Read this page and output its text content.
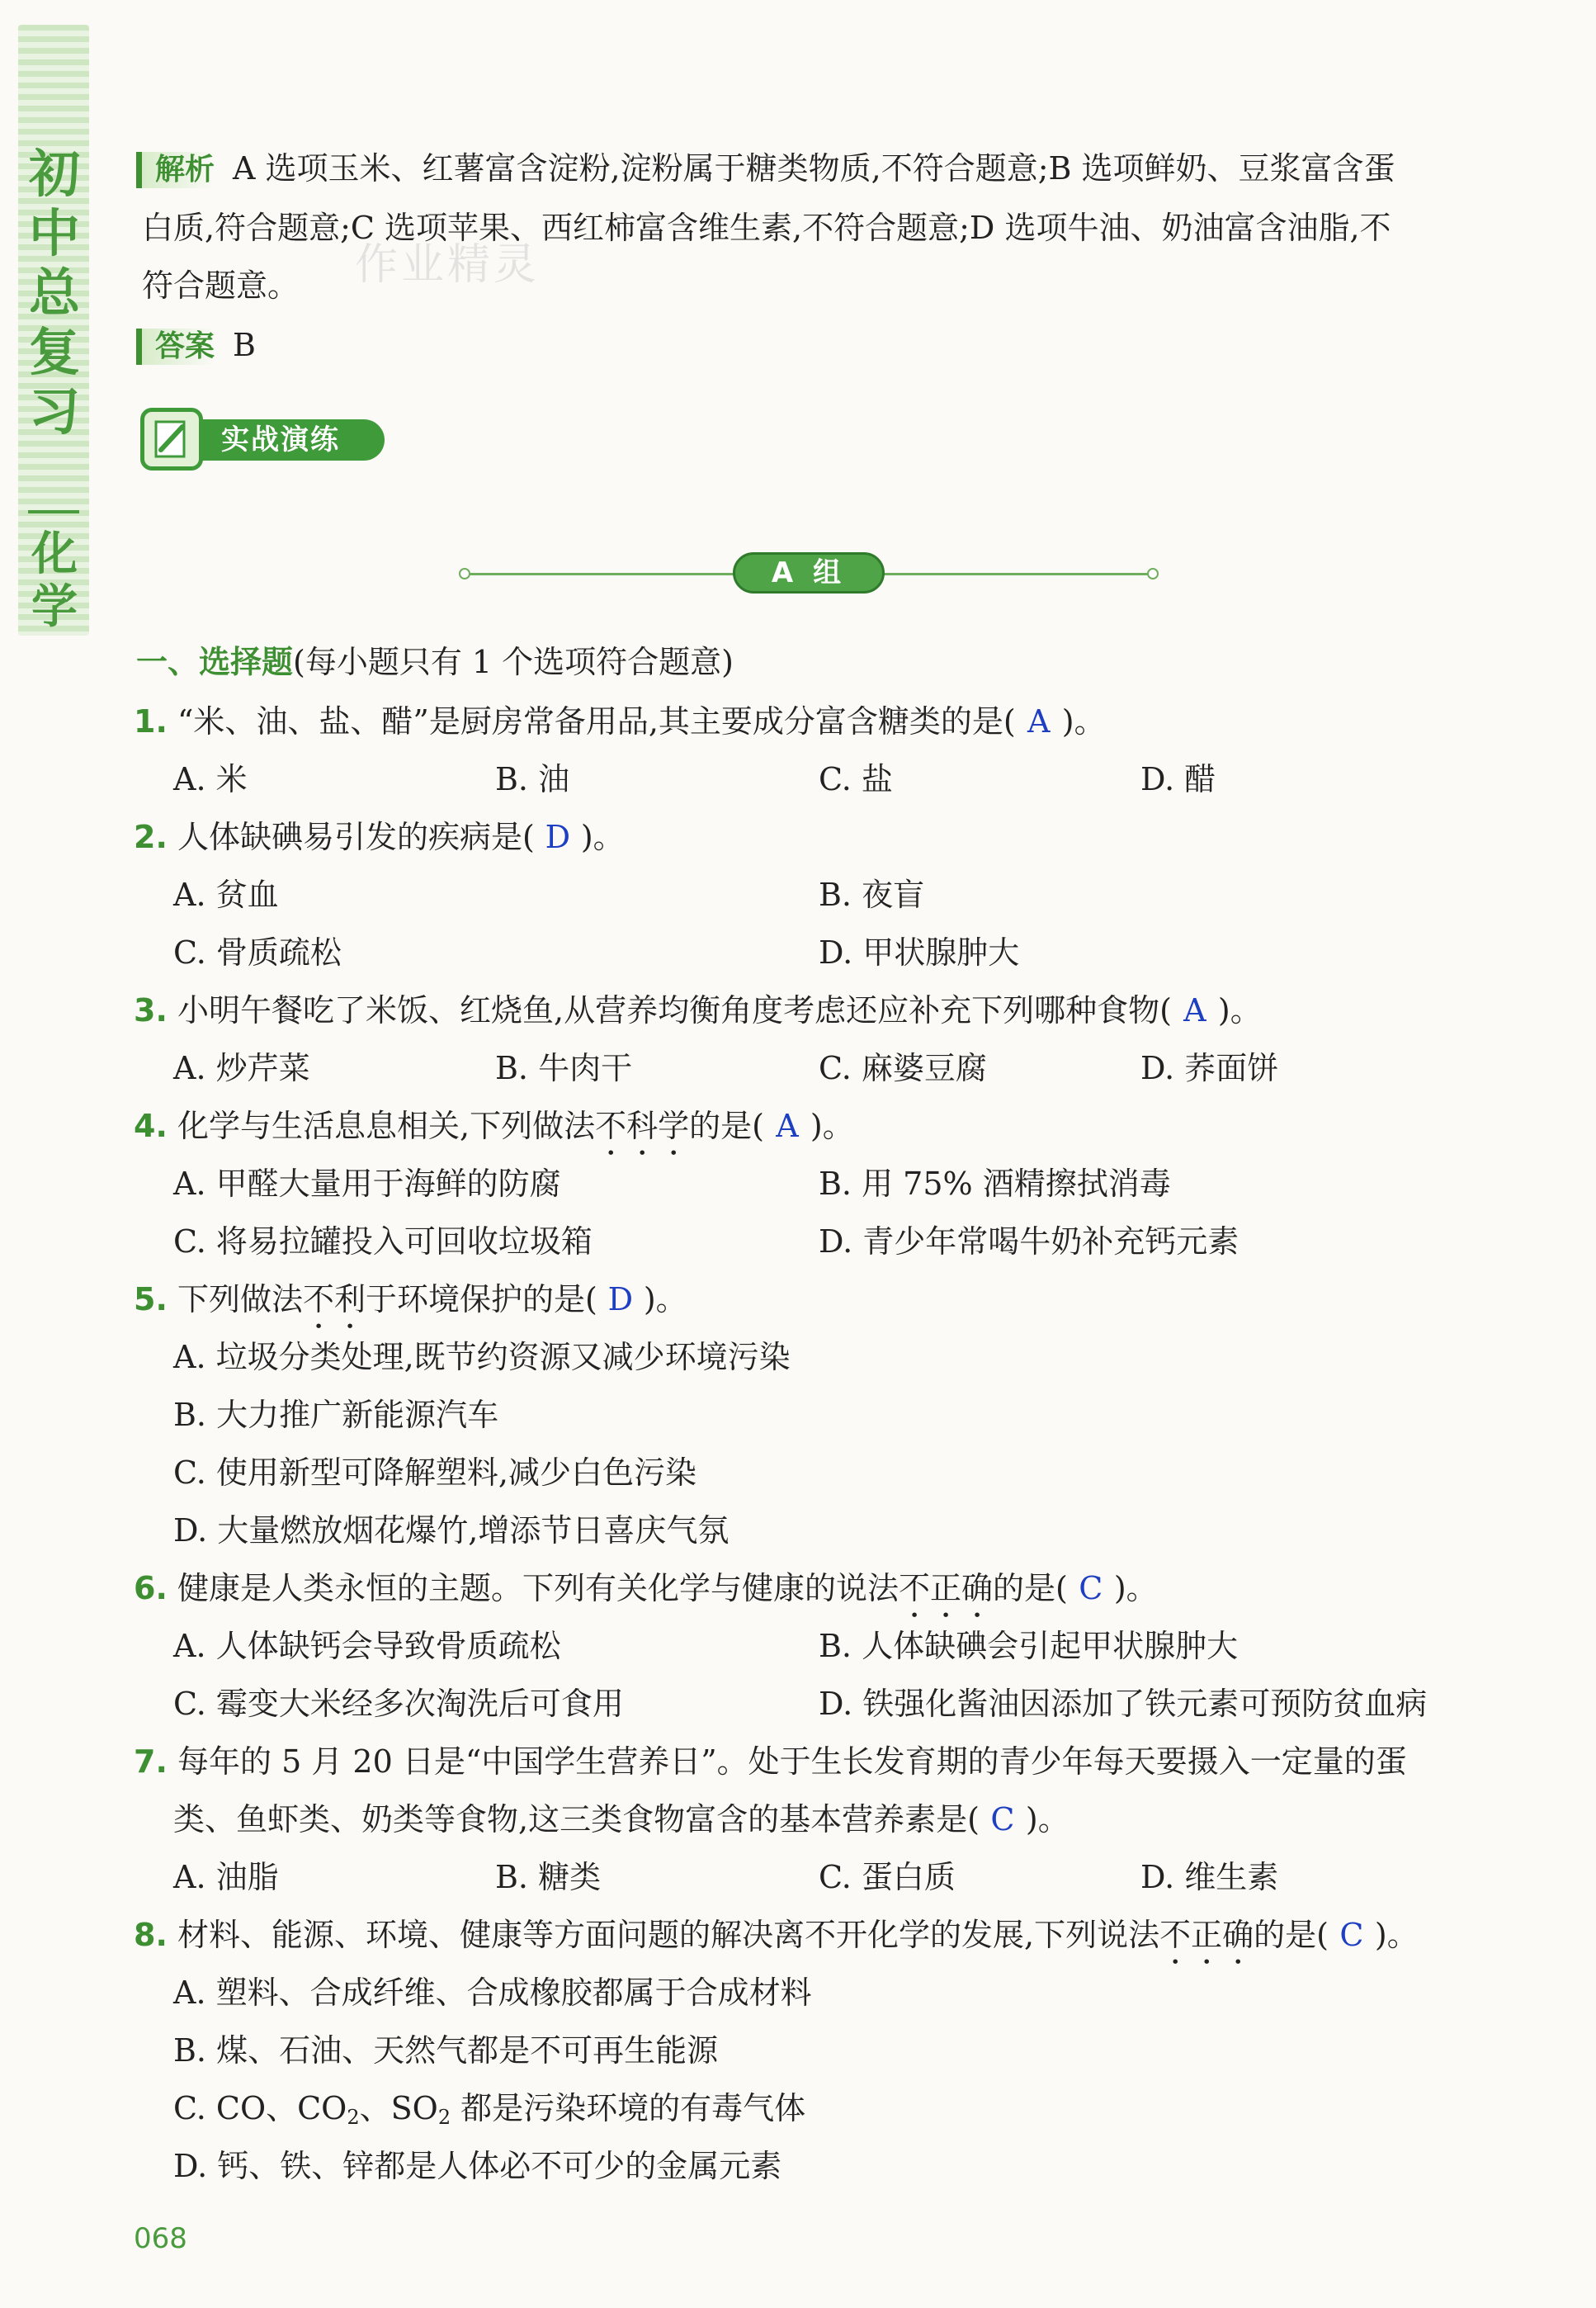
初
中
总
复
习
化
学
解析 A 选项玉米、红薯富含淀粉,淀粉属于糖类物质,不符合题意;B 选项鲜奶、豆浆富含蛋
白质,符合题意;C 选项苹果、西红柿富含维生素,不符合题意;D 选项牛油、奶油富含油脂,不
符合题意。
答案 B
作业精灵
实战演练
A 组
一、选择题(每小题只有 1 个选项符合题意)
1. “米、油、盐、醋”是厨房常备用品,其主要成分富含糖类的是( A )。
A. 米	B. 油	C. 盐	D. 醋
2. 人体缺碘易引发的疾病是( D )。
A. 贫血	B. 夜盲
C. 骨质疏松	D. 甲状腺肿大
3. 小明午餐吃了米饭、红烧鱼,从营养均衡角度考虑还应补充下列哪种食物( A )。
A. 炒芹菜	B. 牛肉干	C. 麻婆豆腐	D. 荞面饼
4. 化学与生活息息相关,下列做法不科学的是( A )。
A. 甲醛大量用于海鲜的防腐	B. 用 75% 酒精擦拭消毒
C. 将易拉罐投入可回收垃圾箱	D. 青少年常喝牛奶补充钙元素
5. 下列做法不利于环境保护的是( D )。
A. 垃圾分类处理,既节约资源又减少环境污染
B. 大力推广新能源汽车
C. 使用新型可降解塑料,减少白色污染
D. 大量燃放烟花爆竹,增添节日喜庆气氛
6. 健康是人类永恒的主题。下列有关化学与健康的说法不正确的是( C )。
A. 人体缺钙会导致骨质疏松	B. 人体缺碘会引起甲状腺肿大
C. 霉变大米经多次淘洗后可食用	D. 铁强化酱油因添加了铁元素可预防贫血病
7. 每年的 5 月 20 日是“中国学生营养日”。处于生长发育期的青少年每天要摄入一定量的蛋
类、鱼虾类、奶类等食物,这三类食物富含的基本营养素是( C )。
A. 油脂	B. 糖类	C. 蛋白质	D. 维生素
8. 材料、能源、环境、健康等方面问题的解决离不开化学的发展,下列说法不正确的是( C )。
A. 塑料、合成纤维、合成橡胶都属于合成材料
B. 煤、石油、天然气都是不可再生能源
C. CO、$CO_2$、$SO_2$ 都是污染环境的有毒气体
D. 钙、铁、锌都是人体必不可少的金属元素
068
